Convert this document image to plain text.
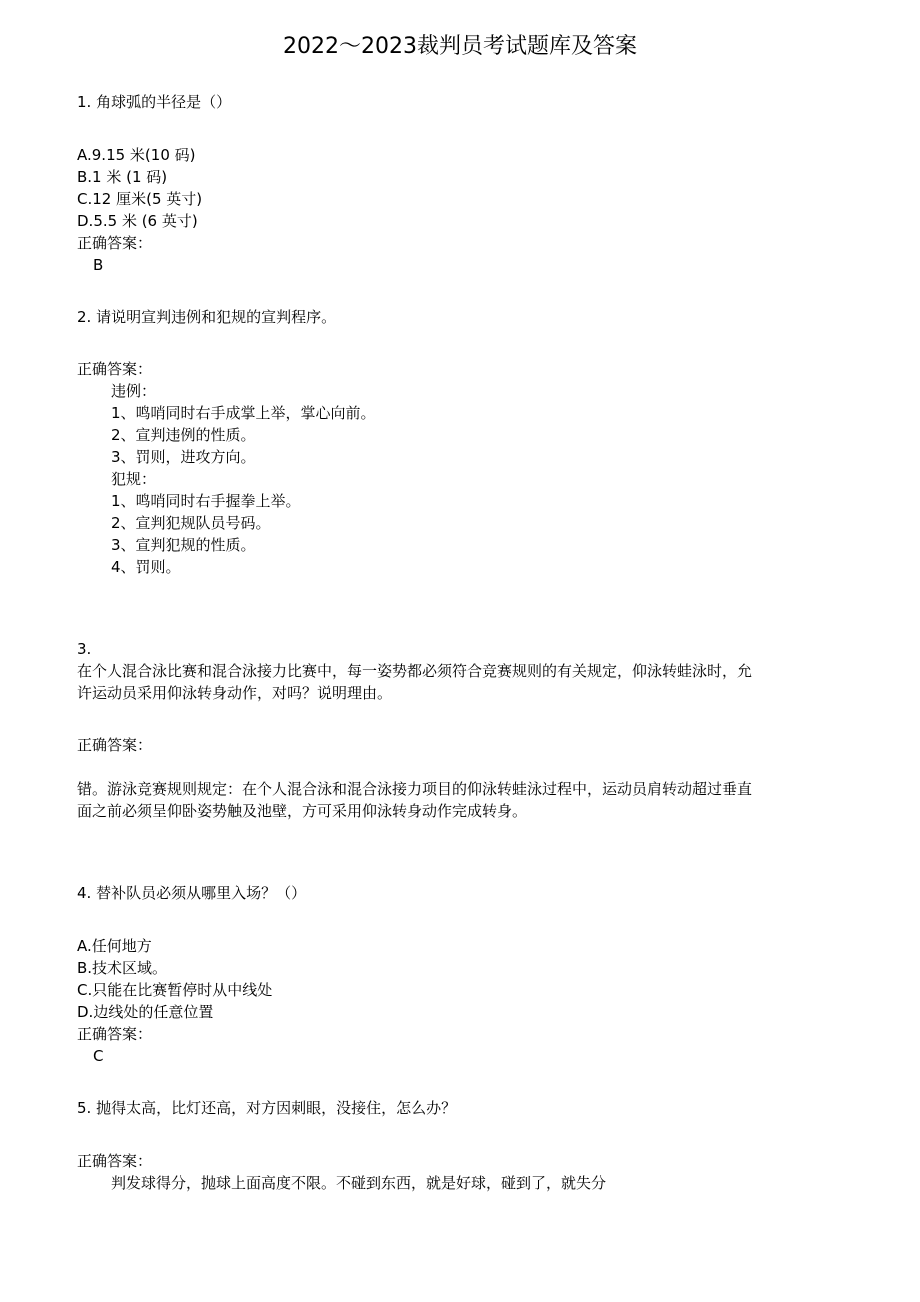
2022～2023裁判员考试题库及答案
1. 角球弧的半径是（）
A.9.15 米(10 码)
B.1 米 (1 码)
C.12 厘米(5 英寸)
D.5.5 米 (6 英寸)
正确答案：
B
2. 请说明宣判违例和犯规的宣判程序。
正确答案：
违例：
1、鸣哨同时右手成掌上举，掌心向前。
2、宣判违例的性质。
3、罚则，进攻方向。
犯规：
1、鸣哨同时右手握拳上举。
2、宣判犯规队员号码。
3、宣判犯规的性质。
4、罚则。
3.
在个人混合泳比赛和混合泳接力比赛中，每一姿势都必须符合竞赛规则的有关规定，仰泳转蛙泳时，允
许运动员采用仰泳转身动作，对吗？说明理由。
正确答案：
错。游泳竞赛规则规定：在个人混合泳和混合泳接力项目的仰泳转蛙泳过程中，运动员肩转动超过垂直
面之前必须呈仰卧姿势触及池壁，方可采用仰泳转身动作完成转身。
4. 替补队员必须从哪里入场？（）
A.任何地方
B.技术区域。
C.只能在比赛暂停时从中线处
D.边线处的任意位置
正确答案：
C
5. 抛得太高，比灯还高，对方因刺眼，没接住，怎么办？
正确答案：
判发球得分，抛球上面高度不限。不碰到东西，就是好球，碰到了，就失分
